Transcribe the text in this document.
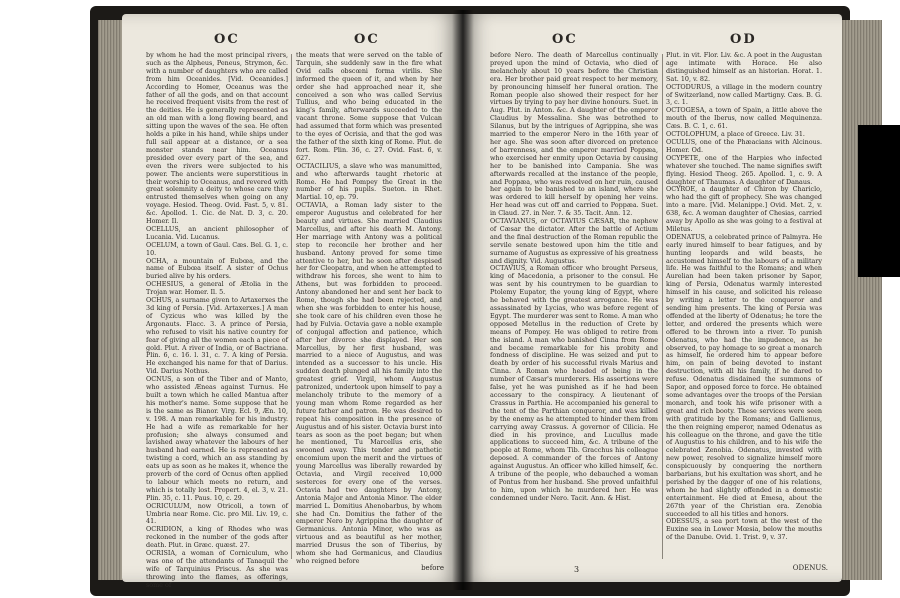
OC	OC
by whom he had the most principal rivers, such as the Alpheus, Peneus, Strymon, &c. with a number of daughters who are called from him Oceanides. [Vid. Oceanides.] According to Homer, Oceanus was the father of all the gods, and on that account he received frequent visits from the rest of the deities. He is generally represented as an old man with a long flowing beard, and sitting upon the waves of the sea. He often holds a pike in his hand, while ships under full sail appear at a distance, or a sea monster stands near him. Oceanus presided over every part of the sea, and even the rivers were subjected to his power. The ancients were superstitious in their worship to Oceanus, and revered with great solemnity a deity to whose care they entrusted themselves when going on any voyage. Hesiod. Theog. Ovid. Fast. 5, v. 81. &c. Apollod. 1. Cic. de Nat. D. 3, c. 20. Homer. Il.
OCELLUS, an ancient philosopher of Lucania. Vid. Lucanus.
OCELUM, a town of Gaul. Cæs. Bel. G. 1, c. 10.
OCHA, a mountain of Eubœa, and the name of Eubœa itself. A sister of Ochus buried alive by his orders.
OCHESIUS, a general of Ætolia in the Trojan war. Homer. Il. 5.
OCHUS, a surname given to Artaxerxes the 3d king of Persia. [Vid. Artaxerxes.] A man of Cyzicus who was killed by the Argonauts. Flacc. 3. A prince of Persia, who refused to visit his native country for fear of giving all the women each a piece of gold. Plut. A river of India, or of Bactriana. Plin. 6, c. 16. l. 31, c. 7. A king of Persia. He exchanged his name for that of Darius. Vid. Darius Nothus.
OCNUS, a son of the Tiber and of Manto, who assisted Æneas against Turnus. He built a town which he called Mantua after his mother's name. Some suppose that he is the same as Bianor. Virg. Ecl. 9, Æn. 10, v. 198. A man remarkable for his industry. He had a wife as remarkable for her profusion; she always consumed and lavished away whatever the labours of her husband had earned. He is represented as twisting a cord, which an ass standing by eats up as soon as he makes it, whence the proverb of the cord of Ocnus often applied to labour which meets no return, and which is totally lost. Propert. 4, el. 3, v. 21. Plin. 35, c. 11. Paus. 10, c. 29.
OCRICULUM, now Otricoli, a town of Umbria near Rome. Cic. pro Mil. Liv. 19, c. 41.
OCRIDION, a king of Rhodes who was reckoned in the number of the gods after death. Plut. in Græc. quæst. 27.
OCRISIA, a woman of Corniculum, who was one of the attendants of Tanaquil the wife of Tarquinius Priscus. As she was throwing into the flames, as offerings, some of
the meats that were served on the table of Tarquin, she suddenly saw in the fire what Ovid calls obscœni forma virilis. She informed the queen of it, and when by her order she had approached near it, she conceived a son who was called Servius Tullius, and who being educated in the king's family, afterwards succeeded to the vacant throne. Some suppose that Vulcan had assumed that form which was presented to the eyes of Ocrisia, and that the god was the father of the sixth king of Rome. Plut. de fort. Rom. Plin. 36, c. 27. Ovid. Fast. 6, v. 627.
OCTACILIUS, a slave who was manumitted, and who afterwards taught rhetoric at Rome. He had Pompey the Great in the number of his pupils. Sueton. in Rhet. Martial. 10, ep. 79.
OCTAVIA, a Roman lady sister to the emperor Augustus and celebrated for her beauty and virtues. She married Claudius Marcellus, and after his death M. Antony. Her marriage with Antony was a political step to reconcile her brother and her husband. Antony proved for some time attentive to her, but he soon after despised her for Cleopatra, and when he attempted to withdraw his forces, she went to him to Athens, but was forbidden to proceed. Antony abandoned her and sent her back to Rome, though she had been rejected, and when she was forbidden to enter his house, she took care of his children even those he had by Fulvia. Octavia gave a noble example of conjugal affection and patience, which after her divorce she displayed. Her son Marcellus, by her first husband, was married to a niece of Augustus, and was intended as a successor to his uncle. His sudden death plunged all his family into the greatest grief. Virgil, whom Augustus patronized, undertook upon himself to pay a melancholy tribute to the memory of a young man whom Rome regarded as her future father and patron. He was desired to repeat his composition in the presence of Augustus and of his sister. Octavia burst into tears as soon as the poet began; but when he mentioned, Tu Marcellus eris, she swooned away. This tender and pathetic encomium upon the merit and the virtues of young Marcellus was liberally rewarded by Octavia, and Virgil received 10,000 sesterces for every one of the verses. Octavia had two daughters by Antony, Antonia Major and Antonia Minor. The elder married L. Domitius Ahenobarbus, by whom she had Cn. Domitius the father of the emperor Nero by Agrippina the daughter of Germanicus. Antonia Minor, who was as virtuous and as beautiful as her mother, married Drusus the son of Tiberius, by whom she had Germanicus, and Claudius who reigned before
before
OC	OD
before Nero. The death of Marcellus continually preyed upon the mind of Octavia, who died of melancholy about 10 years before the Christian era. Her brother paid great respect to her memory, by pronouncing himself her funeral oration. The Roman people also showed their respect for her virtues by trying to pay her divine honours. Suet. in Aug. Plut. in Anton. &c. A daughter of the emperor Claudius by Messalina. She was betrothed to Silanus, but by the intrigues of Agrippina, she was married to the emperor Nero in the 16th year of her age. She was soon after divorced on pretence of barrenness, and the emperor married Poppæa, who exercised her enmity upon Octavia by causing her to be banished into Campania. She was afterwards recalled at the instance of the people, and Poppæa, who was resolved on her ruin, caused her again to be banished to an island, where she was ordered to kill herself by opening her veins. Her head was cut off and carried to Poppæa. Suet. in Claud. 27. in Ner. 7. & 35. Tacit. Ann. 12.
OCTAVIANUS, or OCTAVIUS CÆSAR, the nephew of Cæsar the dictator. After the battle of Actium and the final destruction of the Roman republic the servile senate bestowed upon him the title and surname of Augustus as expressive of his greatness and dignity. Vid. Augustus.
OCTAVIUS, a Roman officer who brought Perseus, king of Macedonia, a prisoner to the consul. He was sent by his countrymen to be guardian to Ptolemy Eupator, the young king of Egypt, where he behaved with the greatest arrogance. He was assassinated by Lycias, who was before regent of Egypt. The murderer was sent to Rome. A man who opposed Metellus in the reduction of Crete by means of Pompey. He was obliged to retire from the island. A man who banished Cinna from Rome and became remarkable for his probity and fondness of discipline. He was seized and put to death by order of his successful rivals Marius and Cinna. A Roman who headed of being in the number of Cæsar's murderers. His assertions were false, yet he was punished as if he had been accessary to the conspiracy. A lieutenant of Crassus in Parthia. He accompanied his general to the tent of the Parthian conqueror, and was killed by the enemy as he attempted to hinder them from carrying away Crassus. A governor of Cilicia. He died in his province, and Lucullus made applications to succeed him, &c. A tribune of the people at Rome, whom Tib. Gracchus his colleague deposed. A commander of the forces of Antony against Augustus. An officer who killed himself, &c. A tribune of the people, who debauched a woman of Pontus from her husband. She proved unfaithful to him, upon which he murdered her. He was condemned under Nero. Tacit. Ann. & Hist.
Plut. in vit. Flor. Liv. &c. A poet in the Augustan age intimate with Horace. He also distinguished himself as an historian. Horat. 1. Sat. 10, v. 82.
OCTODURUS, a village in the modern country of Switzerland, now called Martigny. Cæs. B. G. 3, c. 1.
OCTOGESA, a town of Spain, a little above the mouth of the Iberus, now called Mequinenza. Cæs. B. C. 1, c. 61.
OCTOLOPHUM, a place of Greece. Liv. 31.
OCULUS, one of the Phæacians with Alcinous. Homer. Od.
OCYPETE, one of the Harpies who infected whatever she touched. The name signifies swift flying. Hesiod Theog. 265. Apollod. 1, c. 9. A daughter of Thaumas. A daughter of Danaus.
OCYROE, a daughter of Chiron by Chariclo, who had the gift of prophecy. She was changed into a mare. [Vid. Melanippe.] Ovid. Met. 2, v. 638, &c. A woman daughter of Chesias, carried away by Apollo as she was going to a festival at Miletus.
ODENATUS, a celebrated prince of Palmyra. He early inured himself to bear fatigues, and by hunting leopards and wild beasts, he accustomed himself to the labours of a military life. He was faithful to the Romans; and when Aurelian had been taken prisoner by Sapor, king of Persia, Odenatus warmly interested himself in his cause, and solicited his release by writing a letter to the conqueror and sending him presents. The king of Persia was offended at the liberty of Odenatus; he tore the letter, and ordered the presents which were offered to be thrown into a river. To punish Odenatus, who had the impudence, as he observed, to pay homage to so great a monarch as himself, he ordered him to appear before him, on pain of being devoted to instant destruction, with all his family, if he dared to refuse. Odenatus disdained the summons of Sapor, and opposed force to force. He obtained some advantages over the troops of the Persian monarch, and took his wife prisoner with a great and rich booty. These services were seen with gratitude by the Romans; and Gallienus, the then reigning emperor, named Odenatus as his colleague on the throne, and gave the title of Augustus to his children, and to his wife the celebrated Zenobia. Odenatus, invested with new power, resolved to signalize himself more conspicuously by conquering the northern barbarians, but his exultation was short, and he perished by the dagger of one of his relations, whom he had slightly offended in a domestic entertainment. He died at Emesa, about the 267th year of the Christian era. Zenobia succeeded to all his titles and honors.
ODESSUS, a sea port town at the west of the Euxine sea in Lower Mœsia, below the mouths of the Danube. Ovid. 1. Trist. 9, v. 37.
3	ODENUS.
